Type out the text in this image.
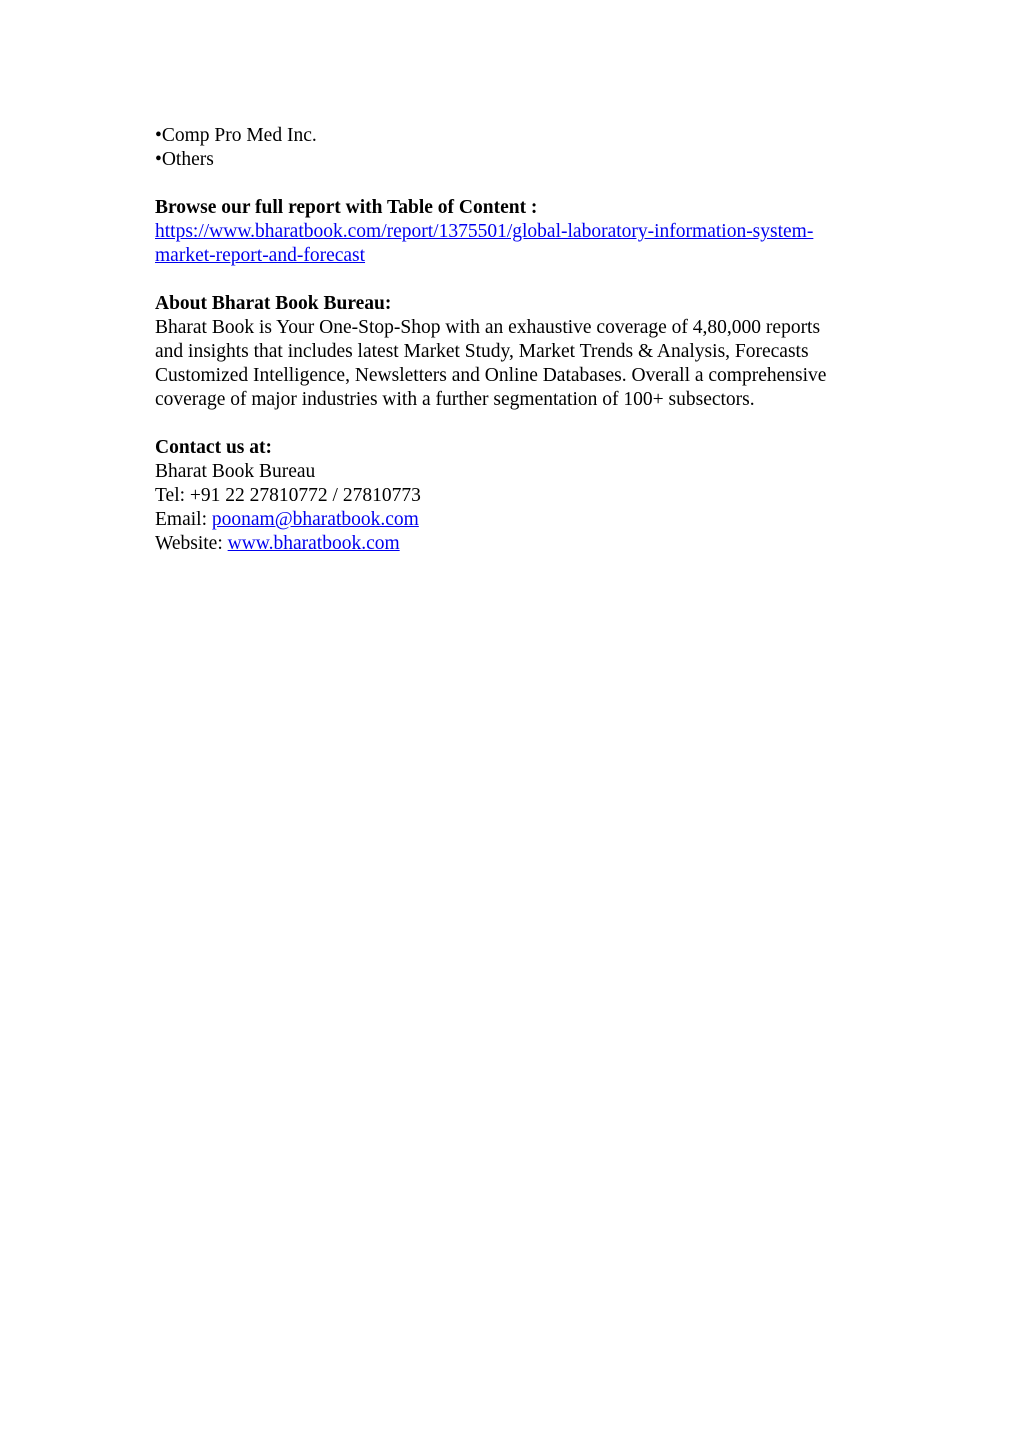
•Comp Pro Med Inc.
•Others
Browse our full report with Table of Content :
https://www.bharatbook.com/report/1375501/global-laboratory-information-system-
market-report-and-forecast
About Bharat Book Bureau:
Bharat Book is Your One-Stop-Shop with an exhaustive coverage of 4,80,000 reports
and insights that includes latest Market Study, Market Trends & Analysis, Forecasts
Customized Intelligence, Newsletters and Online Databases. Overall a comprehensive
coverage of major industries with a further segmentation of 100+ subsectors.
Contact us at:
Bharat Book Bureau
Tel: +91 22 27810772 / 27810773
Email: poonam@bharatbook.com
Website: www.bharatbook.com
